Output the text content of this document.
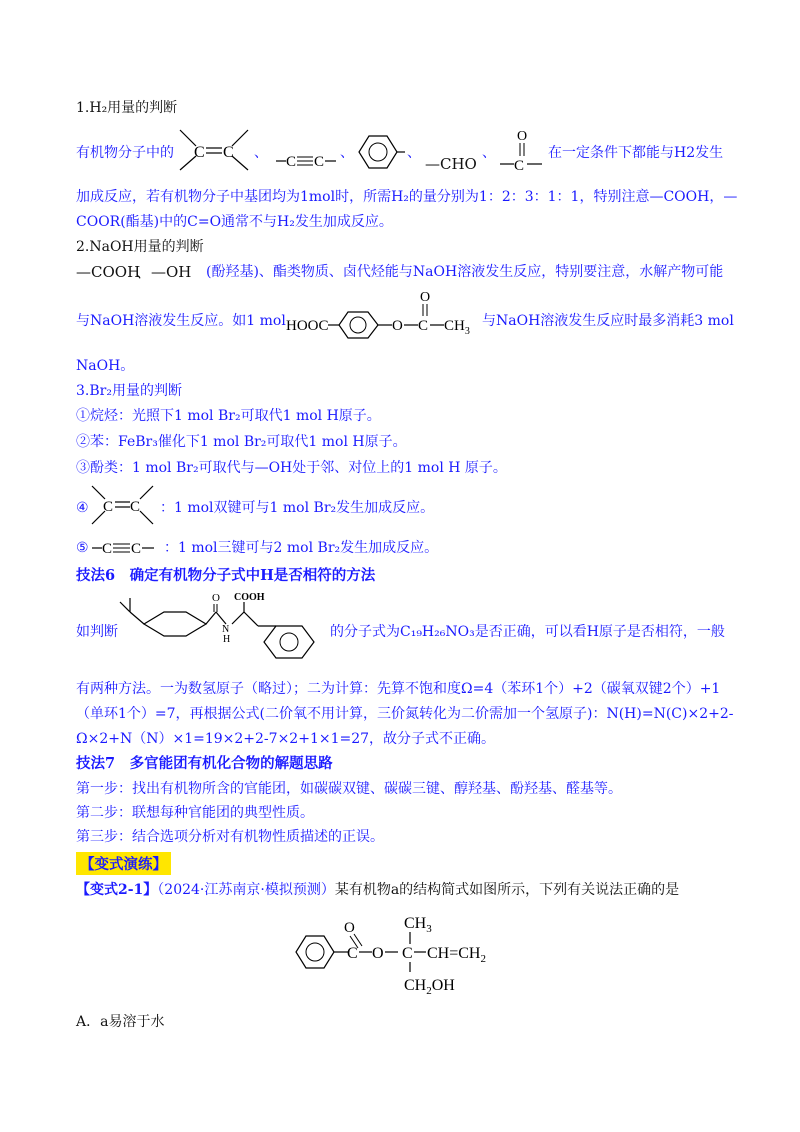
1.H₂用量的判断
有机物分子中的 C C 、
C C
、	、
—CHO
、
O
C
在一定条件下都能与H2发生
加成反应，若有机物分子中基团均为1mol时，所需H₂的量分别为1：2：3：1：1，特别注意—COOH，—
COOR(酯基)中的C=O通常不与H₂发生加成反应。
2.NaOH用量的判断
—COOH
、—OH (酚羟基)、酯类物质、卤代烃能与NaOH溶液发生反应，特别要注意，水解产物可能
与NaOH溶液发生反应。如1 mol HOOC	O
O
C $CH_3$
与NaOH溶液发生反应时最多消耗3 mol
NaOH。
3.Br₂用量的判断
①烷烃：光照下1 mol Br₂可取代1 mol H原子。
②苯：FeBr₃催化下1 mol Br₂可取代1 mol H原子。
③酚类：1 mol Br₂可取代与—OH处于邻、对位上的1 mol H 原子。
④ C C ：1 mol双键可与1 mol Br₂发生加成反应。
⑤ C C ：1 mol三键可与2 mol Br₂发生加成反应。
技法6　确定有机物分子式中H是否相符的方法
如判断
O
N
H
COOH
的分子式为C₁₉H₂₆NO₃是否正确，可以看H原子是否相符，一般
有两种方法。一为数氢原子（略过）；二为计算：先算不饱和度Ω=4（苯环1个）+2（碳氧双键2个）+1
（单环1个）=7，再根据公式(二价氧不用计算，三价氮转化为二价需加一个氢原子)：N(H)=N(C)×2+2-
Ω×2+N（N）×1=19×2+2-7×2+1×1=27，故分子式不正确。
技法7　多官能团有机化合物的解题思路
第一步：找出有机物所含的官能团，如碳碳双键、碳碳三键、醇羟基、酚羟基、醛基等。
第二步：联想每种官能团的典型性质。
第三步：结合选项分析对有机物性质描述的正误。
【变式演练】
【变式2-1】（2024·江苏南京·模拟预测）某有机物a的结构简式如图所示，下列有关说法正确的是
O
C O
$CH_3$
C $CH=CH_2$
$CH_2OH$
A．a易溶于水
